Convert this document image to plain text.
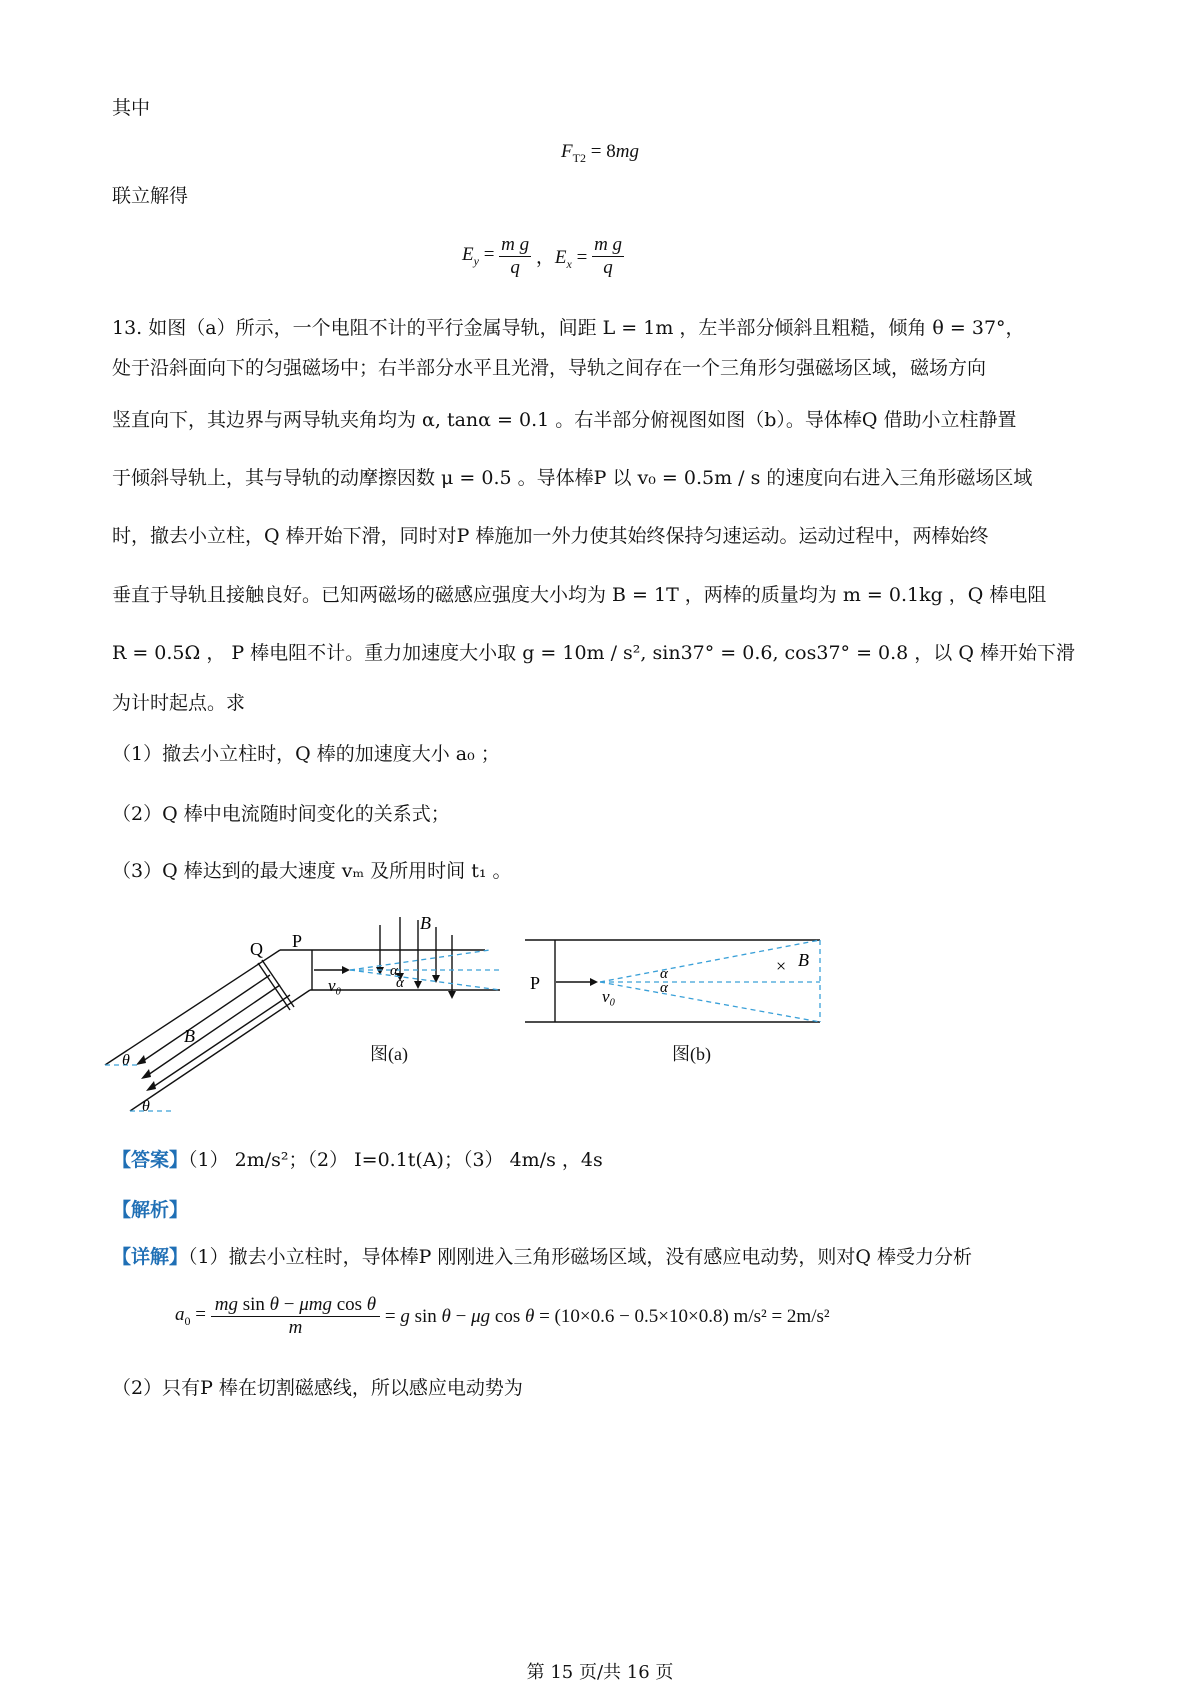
其中
$F_{T2} = 8mg$
联立解得
$E_y = \frac{\text{m g}}{q}$ ，$E_x = \frac{\text{m g}}{q}$
13. 如图（a）所示，一个电阻不计的平行金属导轨，间距 L = 1m ，左半部分倾斜且粗糙，倾角 θ = 37°，
处于沿斜面向下的匀强磁场中；右半部分水平且光滑，导轨之间存在一个三角形匀强磁场区域，磁场方向
竖直向下，其边界与两导轨夹角均为 α, tanα = 0.1 。右半部分俯视图如图（b）。导体棒Q 借助小立柱静置
于倾斜导轨上，其与导轨的动摩擦因数 μ = 0.5 。导体棒P 以 v₀ = 0.5m / s 的速度向右进入三角形磁场区域
时，撤去小立柱，Q 棒开始下滑，同时对P 棒施加一外力使其始终保持匀速运动。运动过程中，两棒始终
垂直于导轨且接触良好。已知两磁场的磁感应强度大小均为 B = 1T ，两棒的质量均为 m = 0.1kg ，Q 棒电阻
R = 0.5Ω ， P 棒电阻不计。重力加速度大小取 g = 10m / s², sin37° = 0.6, cos37° = 0.8 ，以 Q 棒开始下滑
为计时起点。求
（1）撤去小立柱时，Q 棒的加速度大小 a₀ ；
（2）Q 棒中电流随时间变化的关系式；
（3）Q 棒达到的最大速度 vₘ 及所用时间 t₁ 。
Q P
B
B
v₀
α
α
θ
θ
图(a)
P
v₀
α
α
× B
图(b)
【答案】（1） 2m/s²；（2） I=0.1t(A)；（3） 4m/s ，4s
【解析】
【详解】（1）撤去小立柱时，导体棒P 刚刚进入三角形磁场区域，没有感应电动势，则对Q 棒受力分析
$a_0$ = mg sin θ − μmg cos θ
m
= g sin θ − μg cos θ = (10×0.6 − 0.5×10×0.8) m/s² = 2m/s²
（2）只有P 棒在切割磁感线，所以感应电动势为
第 15 页/共 16 页
